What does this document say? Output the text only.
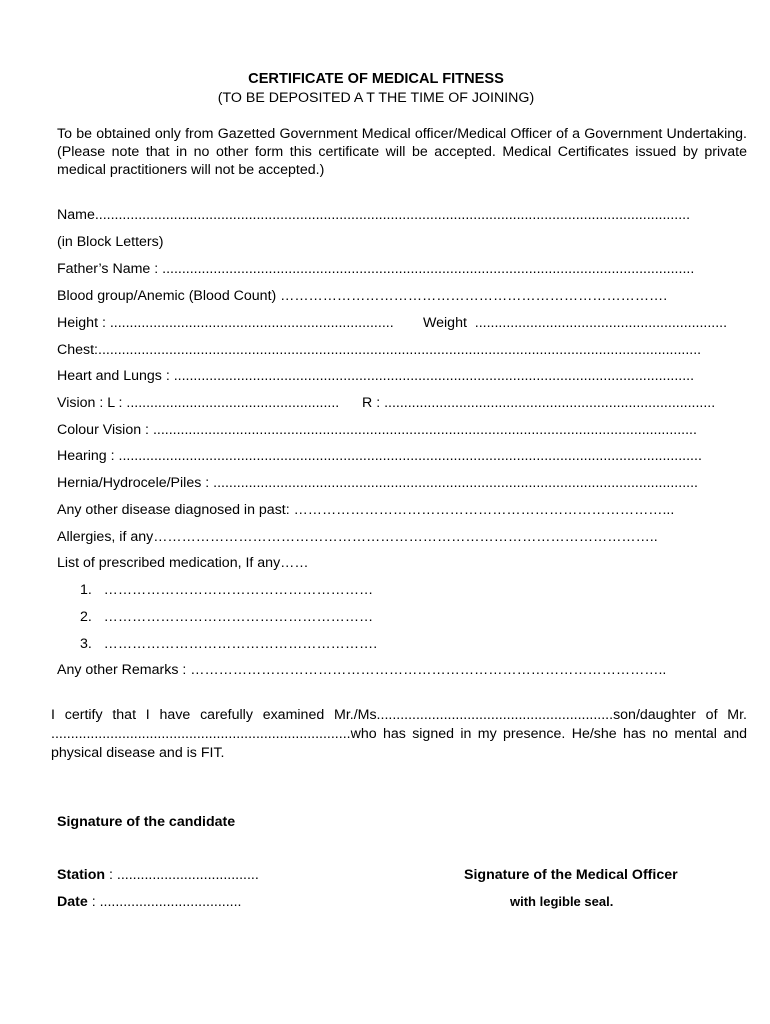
CERTIFICATE OF MEDICAL FITNESS
(TO BE DEPOSITED A T THE TIME OF JOINING)
To be obtained only from Gazetted Government Medical officer/Medical Officer of a Government Undertaking. (Please note that in no other form this certificate will be accepted. Medical Certificates issued by private medical practitioners will not be accepted.)
Name.......................................................................................................................................................
(in Block Letters)
Father’s Name : .......................................................................................................................................
Blood group/Anemic (Blood Count) ……………………………………………………………………….
Height : ........................................................................ Weight  ................................................................
Chest:.........................................................................................................................................................
Heart and Lungs : ....................................................................................................................................
Vision : L : ...................................................... R : ....................................................................................
Colour Vision : ..........................................................................................................................................
Hearing : ....................................................................................................................................................
Hernia/Hydrocele/Piles : ...........................................................................................................................
Any other disease diagnosed in past: ……………………………………………………………………...
Allergies, if any……………………………………………………………………………………………..
List of prescribed medication, If any……
1.   …………………………………………………
2.   …………………………………………………
3.   ………………………………………………….
Any other Remarks : ………………………………………………………………………………………..
I certify that I have carefully examined Mr./Ms............................................................son/daughter of Mr. ............................................................................who has signed in my presence. He/she has no mental and physical disease and is FIT.
Signature of the candidate
Station : ....................................	Signature of the Medical Officer
Date : ....................................	with legible seal.
